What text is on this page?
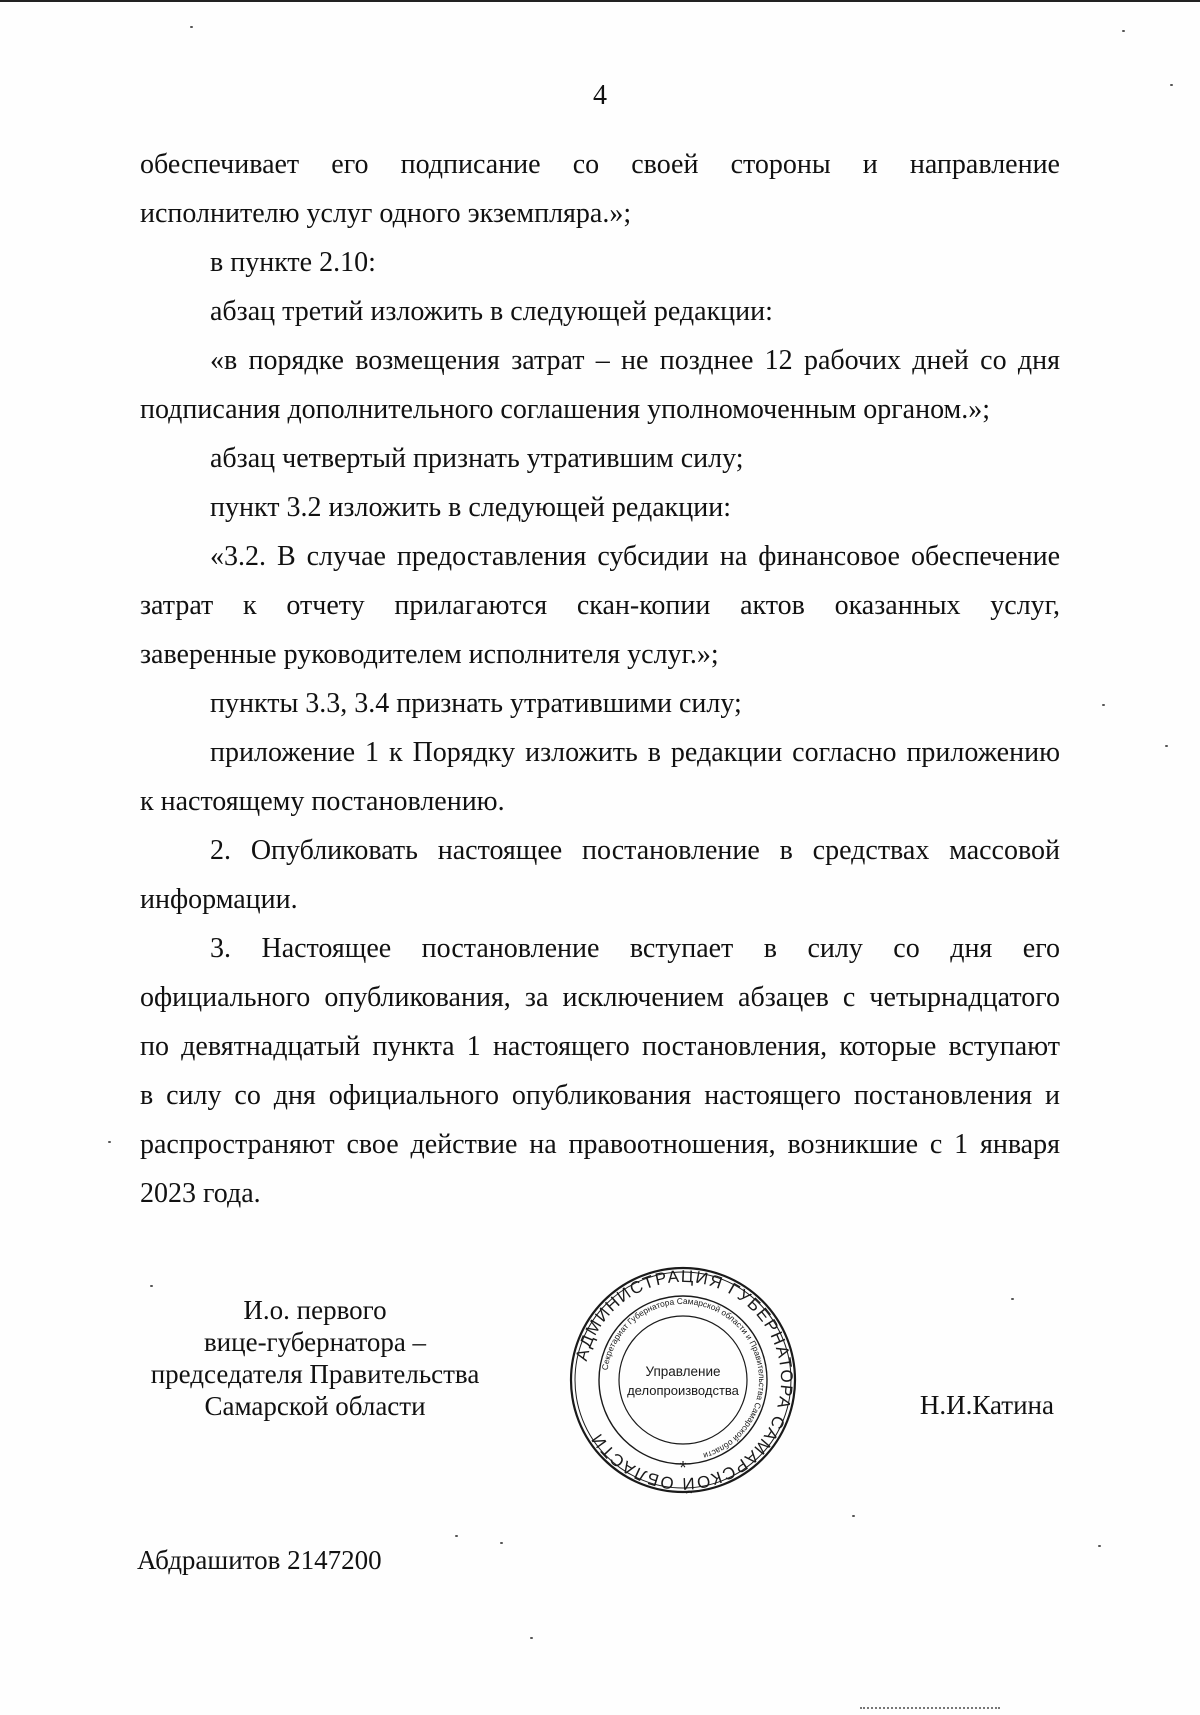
4

обеспечивает его подписание со своей стороны и направление

исполнителю услуг одного экземпляра.»;

в пункте 2.10:

абзац третий изложить в следующей редакции:

«в порядке возмещения затрат – не позднее 12 рабочих дней со дня

подписания дополнительного соглашения уполномоченным органом.»;

абзац четвертый признать утратившим силу;

пункт 3.2 изложить в следующей редакции:

«3.2. В случае предоставления субсидии на финансовое обеспечение

затрат к отчету прилагаются скан-копии актов оказанных услуг,

заверенные руководителем исполнителя услуг.»;

пункты 3.3, 3.4 признать утратившими силу;

приложение 1 к Порядку изложить в редакции согласно приложению

к настоящему постановлению.

2. Опубликовать настоящее постановление в средствах массовой

информации.

3. Настоящее постановление вступает в силу со дня его

официального опубликования, за исключением абзацев с четырнадцатого

по девятнадцатый пункта 1 настоящего постановления, которые вступают

в силу со дня официального опубликования настоящего постановления и

распространяют свое действие на правоотношения, возникшие с 1 января

2023 года.

И.о. первого
вице-губернатора –
председателя Правительства
Самарской области
АДМИНИСТРАЦИЯ ГУБЕРНАТОРА САМАРСКОЙ ОБЛАСТИ
Секретариат Губернатора Самарской области и Правительства Самарской области
Управление
делопроизводства
*
Н.И.Катина
Абдрашитов 2147200
